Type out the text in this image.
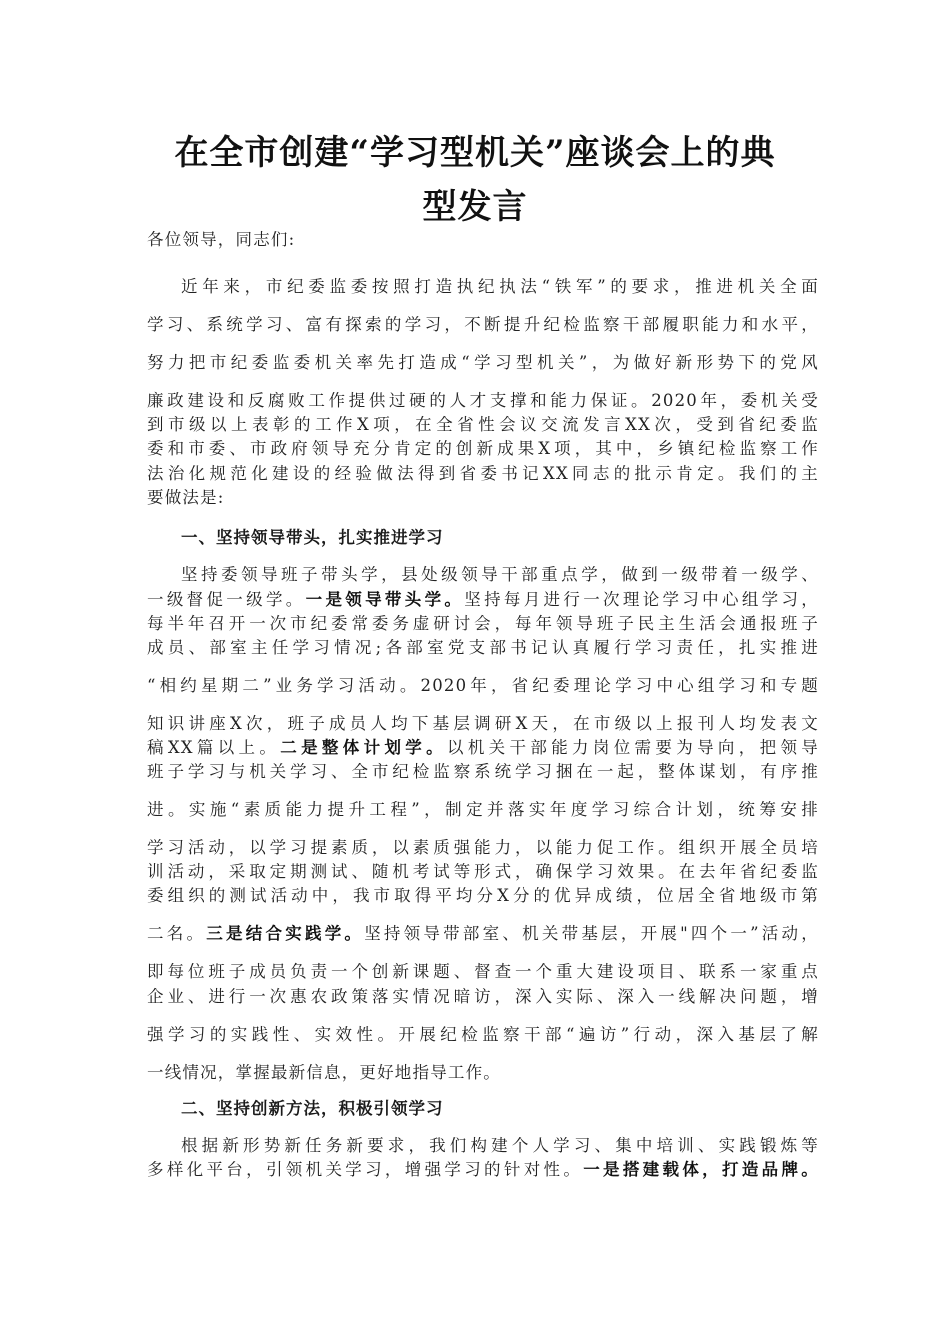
在全市创建“学习型机关”座谈会上的典
型发言
各位领导，同志们:
近年来，市纪委监委按照打造执纪执法“铁军”的要求，推进机关全面
学习、系统学习、富有探索的学习，不断提升纪检监察干部履职能力和水平，
努力把市纪委监委机关率先打造成“学习型机关”，为做好新形势下的党风
廉政建设和反腐败工作提供过硬的人才支撑和能力保证。2020年，委机关受
到市级以上表彰的工作X项，在全省性会议交流发言XX次，受到省纪委监
委和市委、市政府领导充分肯定的创新成果X项，其中，乡镇纪检监察工作
法治化规范化建设的经验做法得到省委书记XX同志的批示肯定。我们的主
要做法是:
一、坚持领导带头，扎实推进学习
坚持委领导班子带头学，县处级领导干部重点学，做到一级带着一级学、
一级督促一级学。一是领导带头学。坚持每月进行一次理论学习中心组学习，
每半年召开一次市纪委常委务虚研讨会，每年领导班子民主生活会通报班子
成员、部室主任学习情况;各部室党支部书记认真履行学习责任，扎实推进
“相约星期二”业务学习活动。2020年，省纪委理论学习中心组学习和专题
知识讲座X次，班子成员人均下基层调研X天，在市级以上报刊人均发表文
稿XX篇以上。二是整体计划学。以机关干部能力岗位需要为导向，把领导
班子学习与机关学习、全市纪检监察系统学习捆在一起，整体谋划，有序推
进。实施“素质能力提升工程”，制定并落实年度学习综合计划，统筹安排
学习活动，以学习提素质，以素质强能力，以能力促工作。组织开展全员培
训活动，采取定期测试、随机考试等形式，确保学习效果。在去年省纪委监
委组织的测试活动中，我市取得平均分X分的优异成绩，位居全省地级市第
二名。三是结合实践学。坚持领导带部室、机关带基层，开展"四个一”活动，
即每位班子成员负责一个创新课题、督查一个重大建设项目、联系一家重点
企业、进行一次惠农政策落实情况暗访，深入实际、深入一线解决问题，增
强学习的实践性、实效性。开展纪检监察干部“遍访”行动，深入基层了解
一线情况，掌握最新信息，更好地指导工作。
二、坚持创新方法，积极引领学习
根据新形势新任务新要求，我们构建个人学习、集中培训、实践锻炼等
多样化平台，引领机关学习，增强学习的针对性。一是搭建载体，打造品牌。
